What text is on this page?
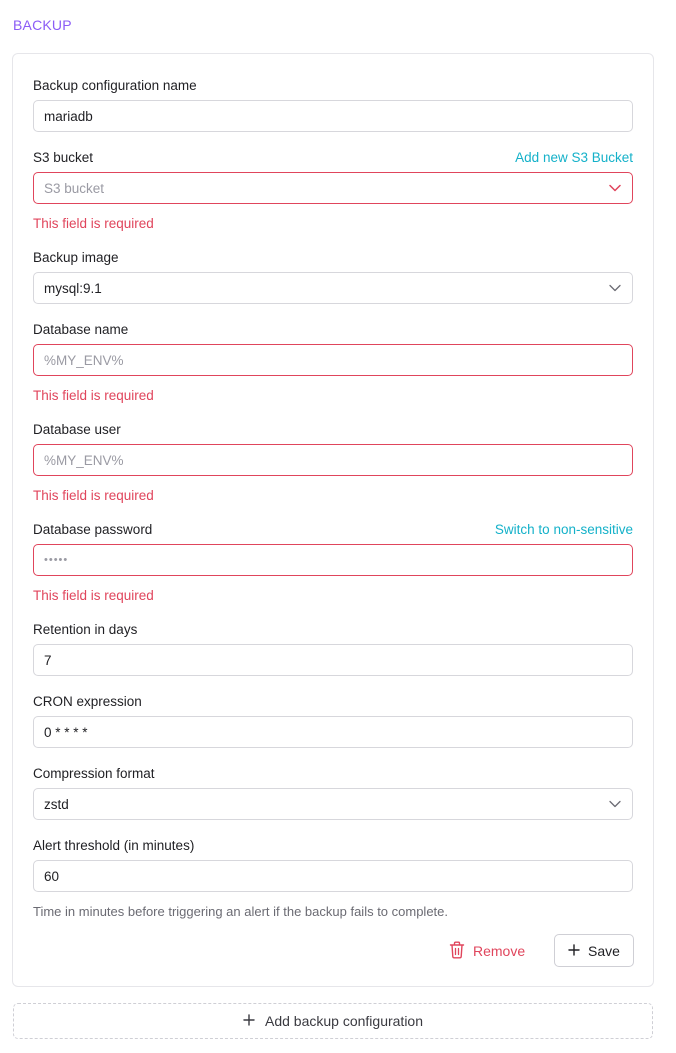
BACKUP
Backup configuration name
mariadb
S3 bucket	Add new S3 Bucket
S3 bucket
This field is required
Backup image
mysql:9.1
Database name
%MY_ENV%
This field is required
Database user
%MY_ENV%
This field is required
Database password	Switch to non-sensitive
•••••
This field is required
Retention in days
7
CRON expression
0 * * * *
Compression format
zstd
Alert threshold (in minutes)
60
Time in minutes before triggering an alert if the backup fails to complete.
Remove	Save
Add backup configuration
